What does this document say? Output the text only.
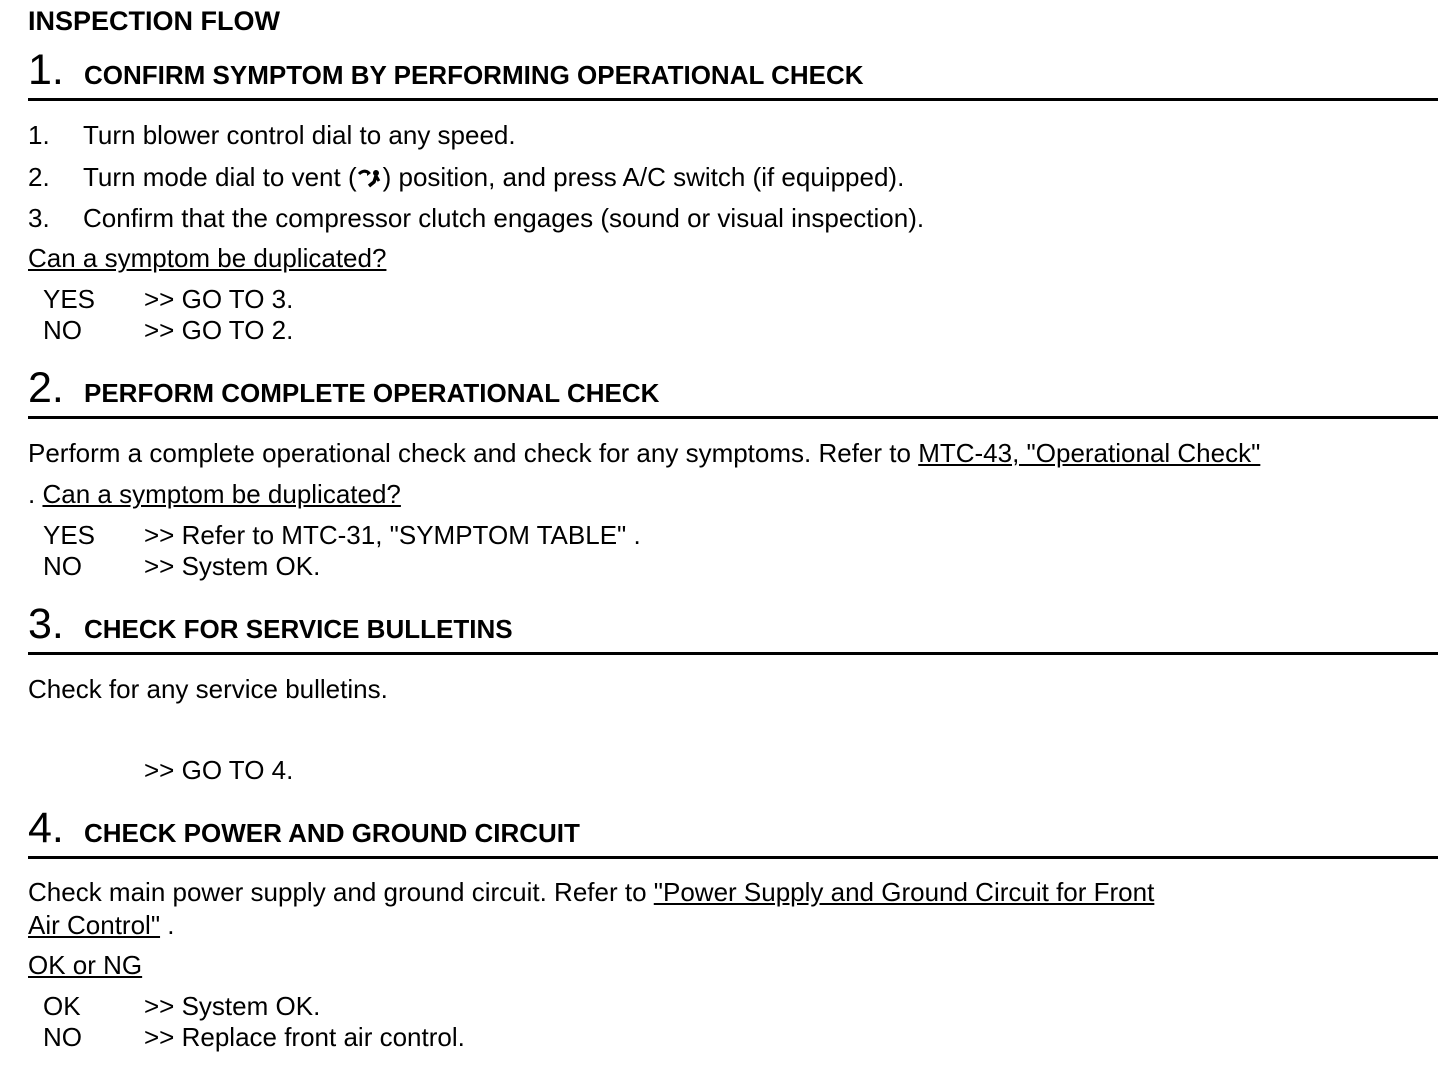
INSPECTION FLOW
1. CONFIRM SYMPTOM BY PERFORMING OPERATIONAL CHECK
1. Turn blower control dial to any speed.
2. Turn mode dial to vent ( ) position, and press A/C switch (if equipped).
3. Confirm that the compressor clutch engages (sound or visual inspection).
Can a symptom be duplicated?
YES >> GO TO 3.
NO >> GO TO 2.
2. PERFORM COMPLETE OPERATIONAL CHECK
Perform a complete operational check and check for any symptoms. Refer to MTC-43, "Operational Check"
. Can a symptom be duplicated?
YES >> Refer to MTC-31, "SYMPTOM TABLE" .
NO >> System OK.
3. CHECK FOR SERVICE BULLETINS
Check for any service bulletins.
>> GO TO 4.
4. CHECK POWER AND GROUND CIRCUIT
Check main power supply and ground circuit. Refer to "Power Supply and Ground Circuit for Front
Air Control" .
OK or NG
OK >> System OK.
NO >> Replace front air control.
